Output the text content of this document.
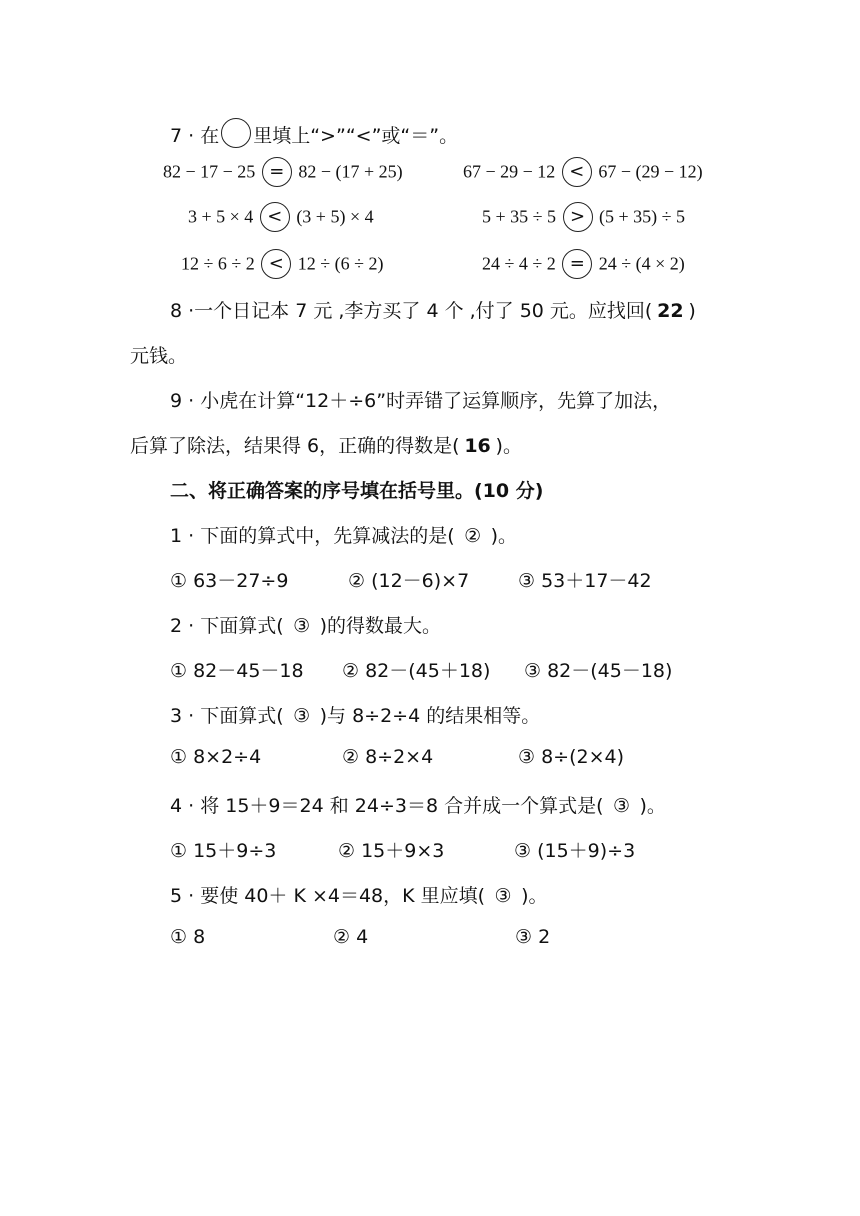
7 · 在 里填上“>”“<”或“＝”。
82 − 17 − 25 = 82 − (17 + 25)	67 − 29 − 12 < 67 − (29 − 12)
3 + 5 × 4 < (3 + 5) × 4	5 + 35 ÷ 5 > (5 + 35) ÷ 5
12 ÷ 6 ÷ 2 < 12 ÷ (6 ÷ 2)	24 ÷ 4 ÷ 2 = 24 ÷ (4 × 2)
8 ·一个日记本 7 元 ,李方买了 4 个 ,付了 50 元。应找回( 22 )
元钱。
9 · 小虎在计算“12＋÷6”时弄错了运算顺序，先算了加法，
后算了除法，结果得 6，正确的得数是( 16 )。
二、将正确答案的序号填在括号里。(10 分)
1 · 下面的算式中，先算减法的是( ② )。
① 63－27÷9	② (12－6)×7	③ 53＋17－42
2 · 下面算式( ③ )的得数最大。
① 82－45－18 ② 82－(45＋18) ③ 82－(45－18)
3 · 下面算式( ③ )与 8÷2÷4 的结果相等。
① 8×2÷4	② 8÷2×4	③ 8÷(2×4)
4 · 将 15＋9＝24 和 24÷3＝8 合并成一个算式是( ③ )。
① 15＋9÷3	② 15＋9×3	③ (15＋9)÷3
5 · 要使 40＋ K ×4＝48，K 里应填( ③ )。
① 8	② 4	③ 2
